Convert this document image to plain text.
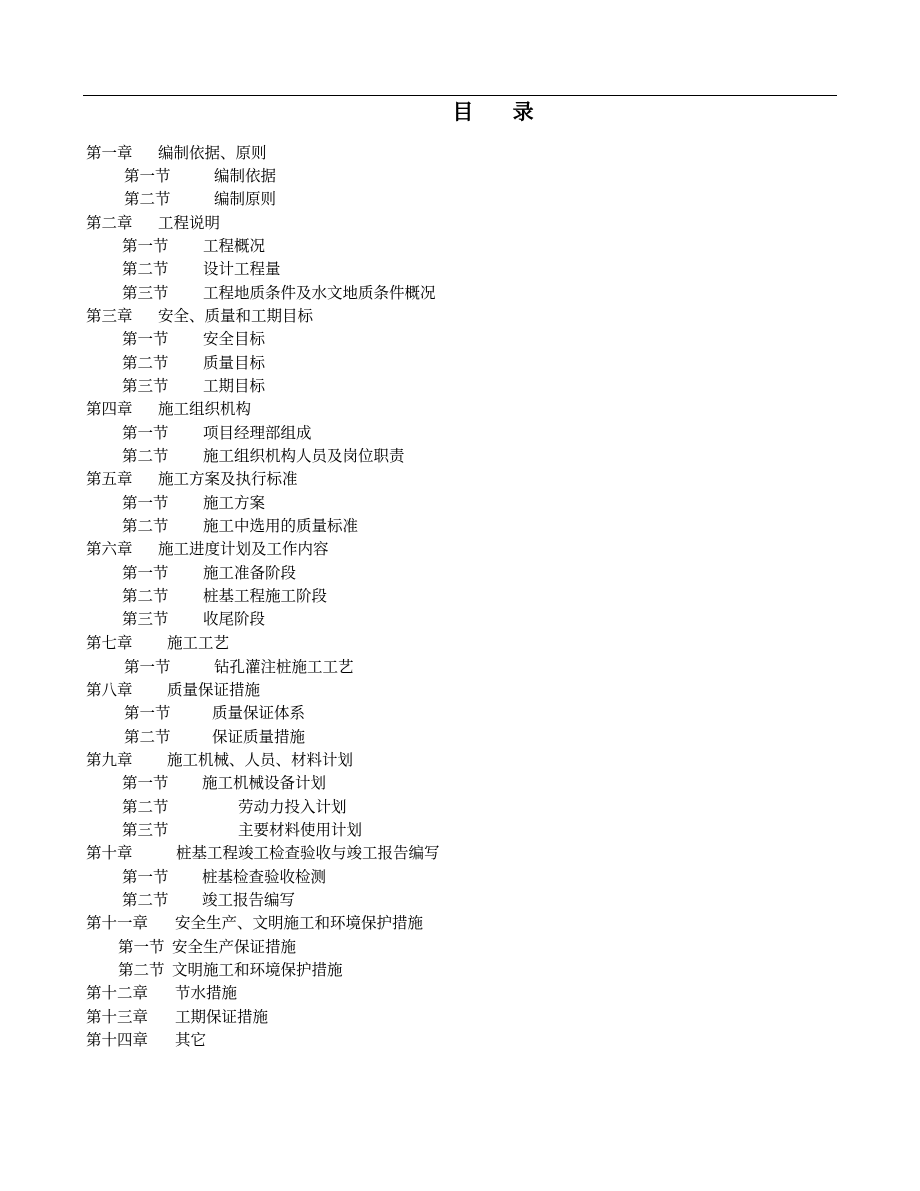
目    录
第一章 编制依据、原则
第一节	编制依据
第二节	编制原则
第二章 工程说明
第一节 工程概况
第二节 设计工程量
第三节 工程地质条件及水文地质条件概况
第三章 安全、质量和工期目标
第一节 安全目标
第二节 质量目标
第三节 工期目标
第四章 施工组织机构
第一节 项目经理部组成
第二节 施工组织机构人员及岗位职责
第五章 施工方案及执行标准
第一节 施工方案
第二节 施工中选用的质量标准
第六章 施工进度计划及工作内容
第一节 施工准备阶段
第二节 桩基工程施工阶段
第三节 收尾阶段
第七章 施工工艺
第一节	钻孔灌注桩施工工艺
第八章 质量保证措施
第一节	质量保证体系
第二节	保证质量措施
第九章 施工机械、人员、材料计划
第一节 施工机械设备计划
第二节	劳动力投入计划
第三节	主要材料使用计划
第十章	桩基工程竣工检查验收与竣工报告编写
第一节 桩基检查验收检测
第二节 竣工报告编写
第十一章 安全生产、文明施工和环境保护措施
第一节 安全生产保证措施
第二节 文明施工和环境保护措施
第十二章 节水措施
第十三章 工期保证措施
第十四章 其它
